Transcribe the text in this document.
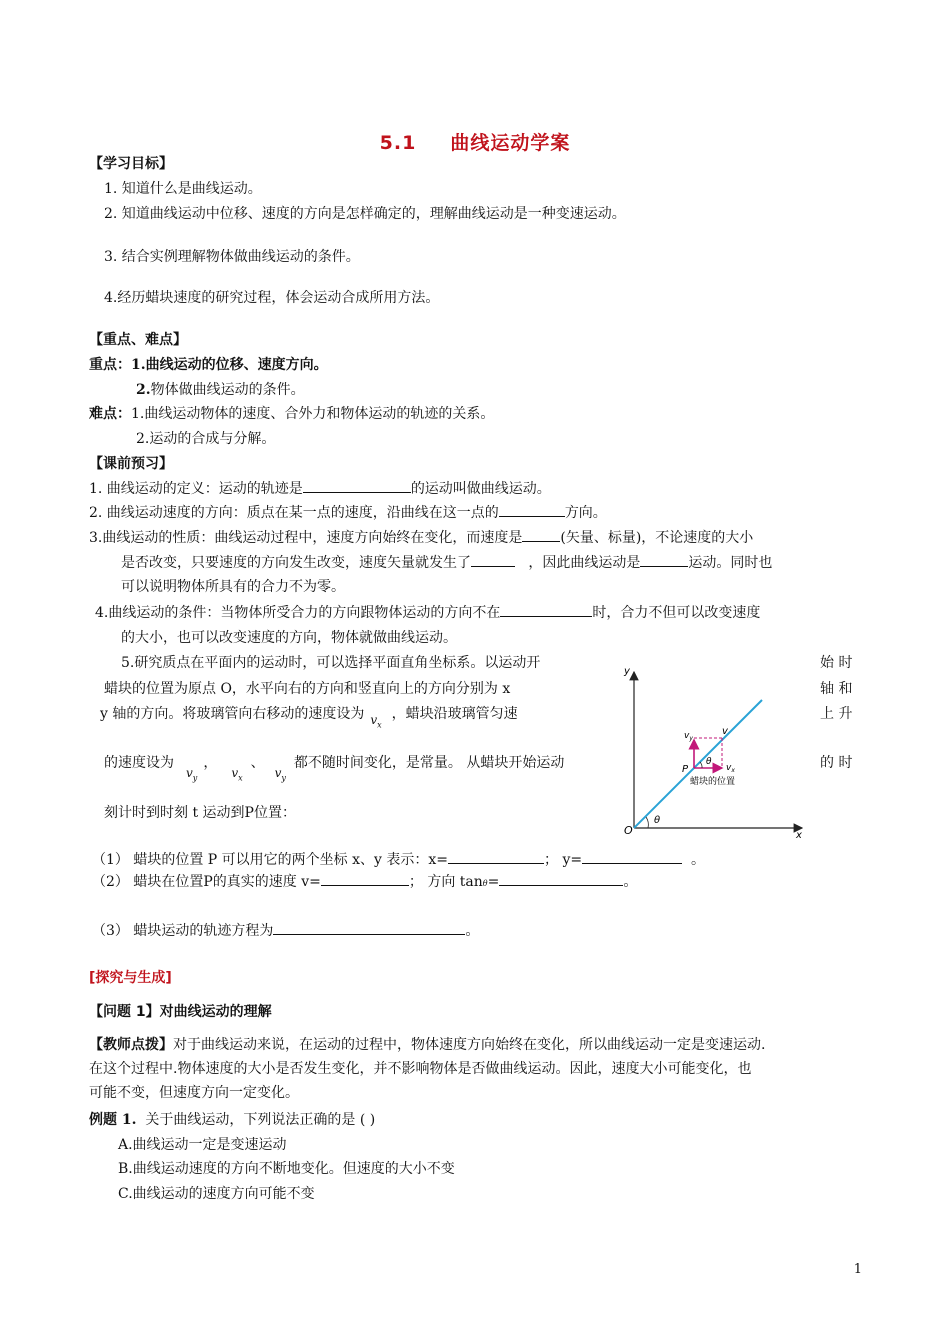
5.1 曲线运动学案
【学习目标】
1. 知道什么是曲线运动。
2. 知道曲线运动中位移、速度的方向是怎样确定的，理解曲线运动是一种变速运动。
3. 结合实例理解物体做曲线运动的条件。
4.经历蜡块速度的研究过程，体会运动合成所用方法。
【重点、难点】
重点：1.曲线运动的位移、速度方向。
2.物体做曲线运动的条件。
难点：1.曲线运动物体的速度、合外力和物体运动的轨迹的关系。
2.运动的合成与分解。
【课前预习】
1. 曲线运动的定义：运动的轨迹是	的运动叫做曲线运动。
2. 曲线运动速度的方向：质点在某一点的速度，沿曲线在这一点的	方向。
3.曲线运动的性质：曲线运动过程中，速度方向始终在变化，而速度是	(矢量、标量)，不论速度的大小
是否改变，只要速度的方向发生改变，速度矢量就发生了	，因此曲线运动是	运动。同时也
可以说明物体所具有的合力不为零。
4.曲线运动的条件：当物体所受合力的方向跟物体运动的方向不在	时，合力不但可以改变速度
的大小，也可以改变速度的方向，物体就做曲线运动。
5.研究质点在平面内的运动时，可以选择平面直角坐标系。以运动开	始 时
蜡块的位置为原点 O，水平向右的方向和竖直向上的方向分别为 x	轴 和
y 轴的方向。将玻璃管向右移动的速度设为 $v_x$，蜡块沿玻璃管匀速	上 升
的速度设为$v_y$，$v_x$、$v_y$都不随时间变化，是常量。 从蜡块开始运动	的 时
刻计时到时刻 t 运动到P位置：
y
x
O
θ
θ
$v_y$
v
$v_x$
P
蜡块的位置
（1） 蜡块的位置 P 可以用它的两个坐标 x、y 表示：x=	； y=	。
（2） 蜡块在位置P的真实的速度 v=	； 方向 tanθ=	。
（3） 蜡块运动的轨迹方程为	。
[探究与生成]
【问题 1】对曲线运动的理解
【教师点拨】对于曲线运动来说，在运动的过程中，物体速度方向始终在变化，所以曲线运动一定是变速运动.
在这个过程中.物体速度的大小是否发生变化，并不影响物体是否做曲线运动。因此，速度大小可能变化，也
可能不变，但速度方向一定变化。
例题 1. 关于曲线运动，下列说法正确的是 ( )
A.曲线运动一定是变速运动
B.曲线运动速度的方向不断地变化。但速度的大小不变
C.曲线运动的速度方向可能不变
1
